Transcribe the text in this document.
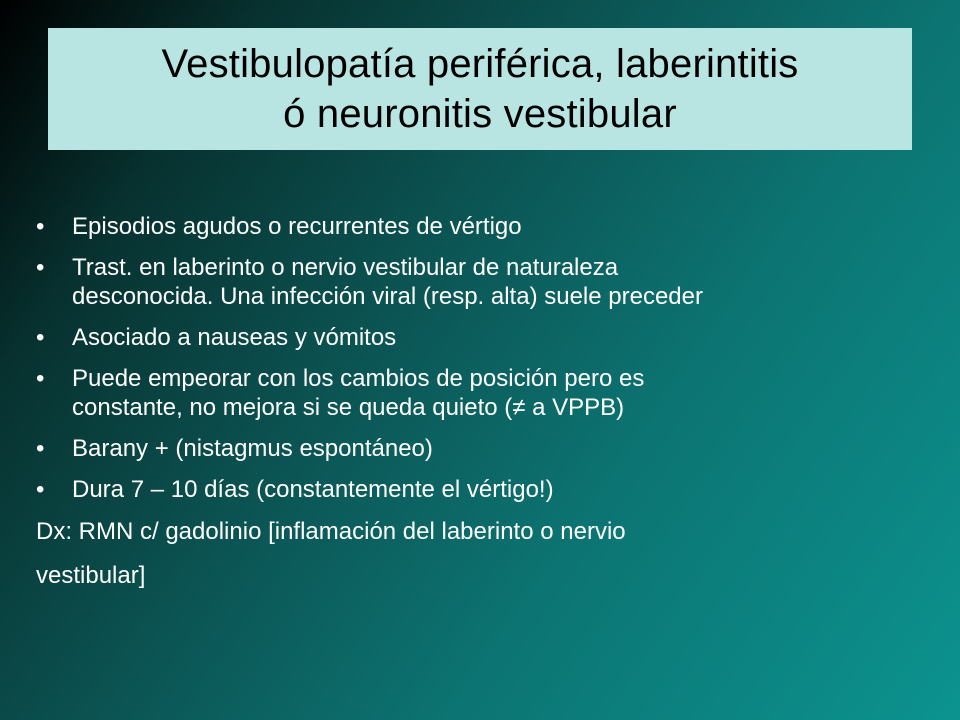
Vestibulopatía periférica, laberintitis
ó neuronitis vestibular
• Episodios agudos o recurrentes de vértigo
• Trast. en laberinto o nervio vestibular de naturaleza
desconocida. Una infección viral (resp. alta) suele preceder
• Asociado a nauseas y vómitos
• Puede empeorar con los cambios de posición pero es
constante, no mejora si se queda quieto (≠ a VPPB)
• Barany + (nistagmus espontáneo)
• Dura 7 – 10 días (constantemente el vértigo!)

Dx: RMN c/ gadolinio [inflamación del laberinto o nervio
vestibular]
